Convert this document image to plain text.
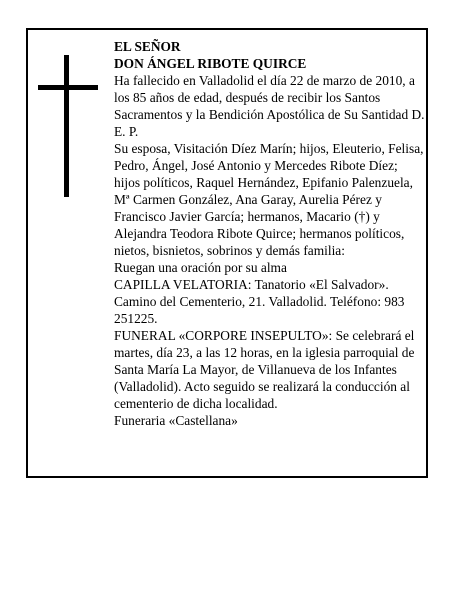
EL SEÑOR

DON ÁNGEL RIBOTE QUIRCE

Ha fallecido en Valladolid el día 22 de marzo de 2010, a los 85 años de edad, después de recibir los Santos Sacramentos y la Bendición Apostólica de Su Santidad D. E. P.

Su esposa, Visitación Díez Marín; hijos, Eleuterio, Felisa, Pedro, Ángel, José Antonio y Mercedes Ribote Díez; hijos políticos, Raquel Hernández, Epifanio Palenzuela, Mª Carmen González, Ana Garay, Aurelia Pérez y Francisco Javier García; hermanos, Macario (†) y Alejandra Teodora Ribote Quirce; hermanos políticos, nietos, bisnietos, sobrinos y demás familia:

Ruegan una oración por su alma

CAPILLA VELATORIA: Tanatorio «El Salvador». Camino del Cementerio, 21. Valladolid. Teléfono: 983 251225.

FUNERAL «CORPORE INSEPULTO»: Se celebrará el martes, día 23, a las 12 horas, en la iglesia parroquial de Santa María La Mayor, de Villanueva de los Infantes (Valladolid). Acto seguido se realizará la conducción al cementerio de dicha localidad.

Funeraria «Castellana»
